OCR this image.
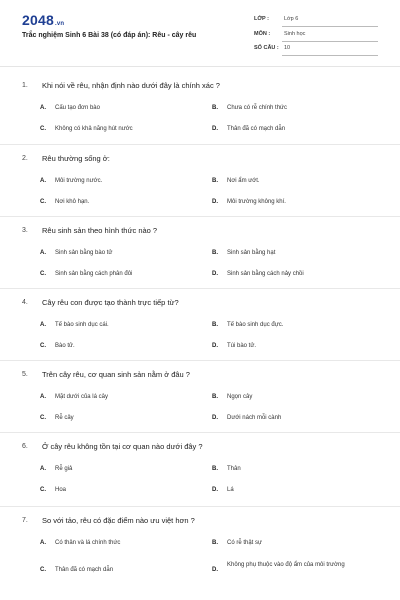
2048.vn
Trắc nghiệm Sinh 6 Bài 38 (có đáp án): Rêu - cây rêu
LỚP :	Lớp 6
MÔN :	Sinh học
SỐ CÂU : 10
1. Khi nói về rêu, nhận định nào dưới đây là chính xác ?
A. Cấu tạo đơn bào	B. Chưa có rễ chính thức
C. Không có khả năng hút nước	D. Thân đã có mạch dẫn
2. Rêu thường sống ở:
A. Môi trường nước.	B. Nơi ẩm ướt.
C. Nơi khô hạn.	D. Môi trường không khí.
3. Rêu sinh sản theo hình thức nào ?
A. Sinh sản bằng bào tử	B. Sinh sản bằng hạt
C. Sinh sản bằng cách phân đôi	D. Sinh sản bằng cách nảy chồi
4. Cây rêu con được tạo thành trực tiếp từ?
A. Tế bào sinh dục cái.	B. Tế bào sinh dục đực.
C. Bào tử.	D. Túi bào tử.
5. Trên cây rêu, cơ quan sinh sản nằm ở đâu ?
A. Mặt dưới của lá cây	B. Ngọn cây
C. Rễ cây	D. Dưới nách mỗi cành
6. Ở cây rêu không tồn tại cơ quan nào dưới đây ?
A. Rễ giả	B. Thân
C. Hoa	D. Lá
7. So với tảo, rêu có đặc điểm nào ưu việt hơn ?
A. Có thân và lá chính thức	B. Có rễ thật sự
C. Thân đã có mạch dẫn	D.
Không phụ thuộc vào độ ẩm của môi trường
